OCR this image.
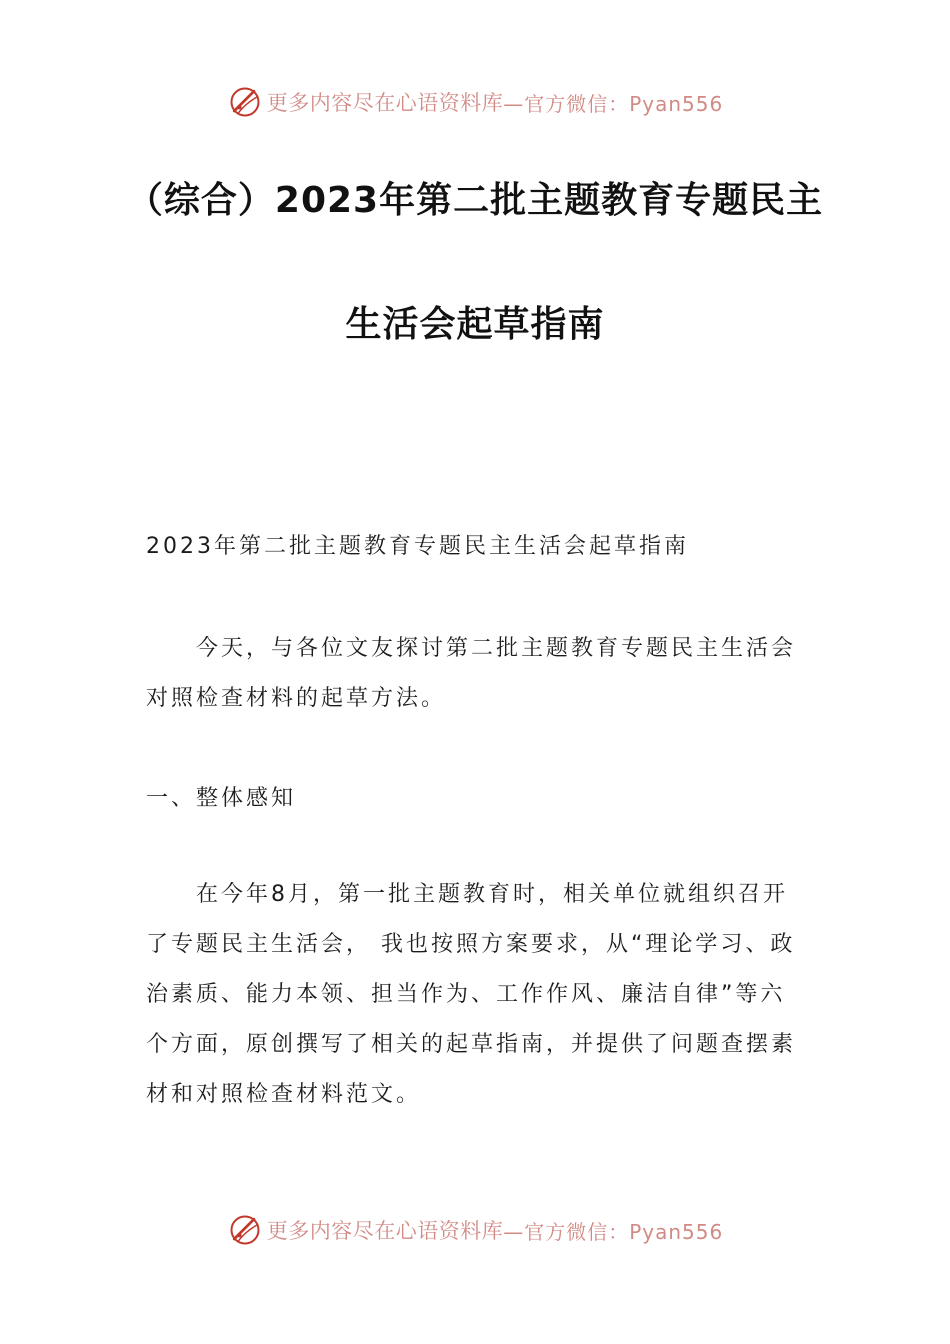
更多内容尽在心语资料库 —官方微信：Pyan556
（综合）2023年第二批主题教育专题民主
生活会起草指南
2023年第二批主题教育专题民主生活会起草指南
今天，与各位文友探讨第二批主题教育专题民主生活会对照检查材料的起草方法。
一、整体感知
在今年8月，第一批主题教育时，相关单位就组织召开了专题民主生活会， 我也按照方案要求，从“理论学习、政治素质、能力本领、担当作为、工作作风、廉洁自律”等六个方面，原创撰写了相关的起草指南，并提供了问题查摆素材和对照检查材料范文。
更多内容尽在心语资料库 —官方微信：Pyan556
